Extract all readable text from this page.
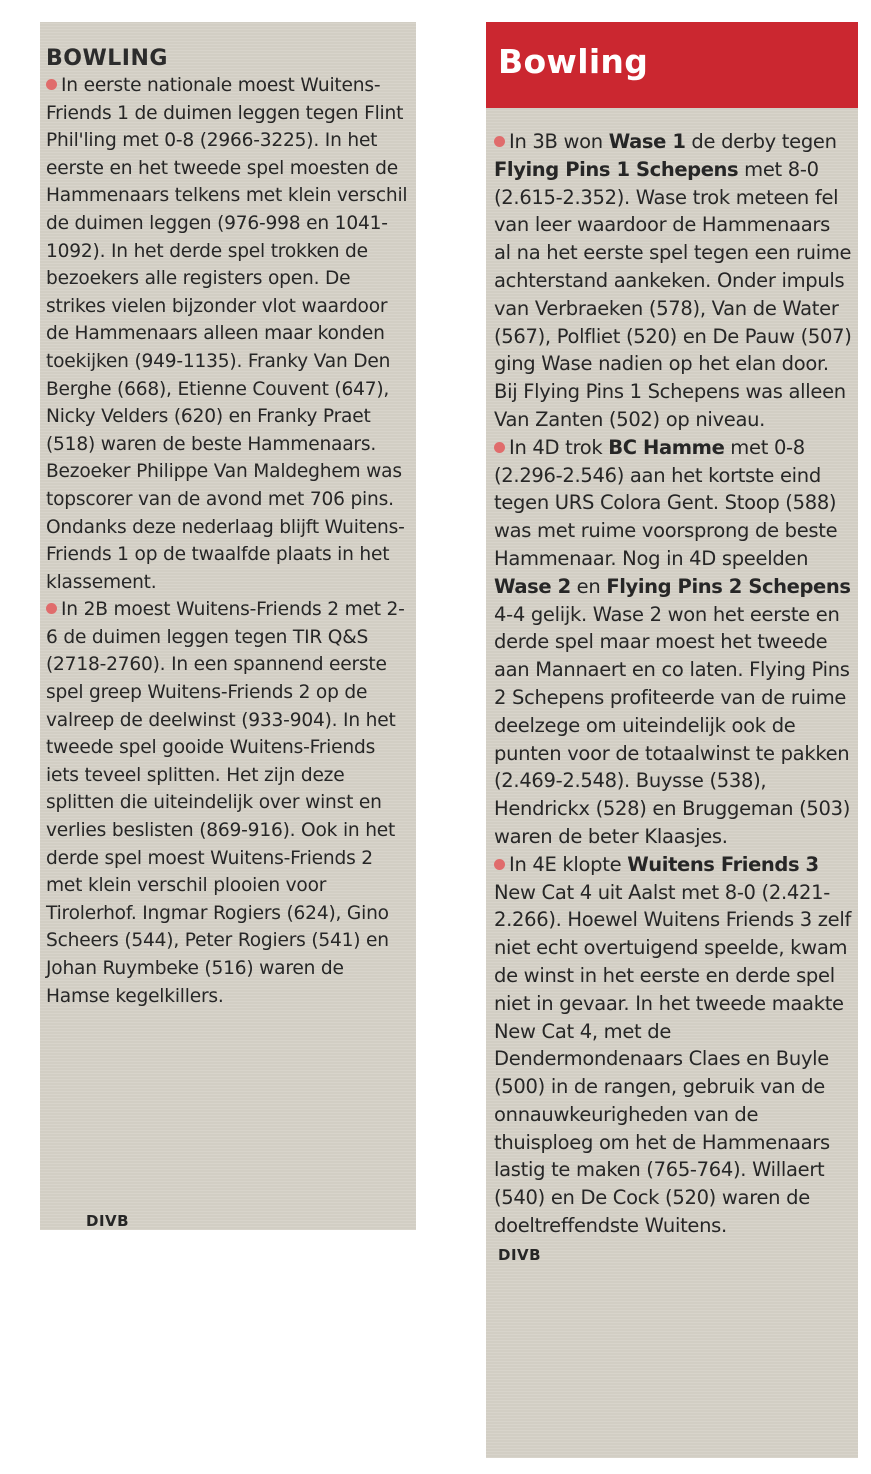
BOWLING

In eerste nationale moest Wuitens-Friends 1 de duimen leggen tegen Flint Phil'ling met 0-8 (2966-3225). In het eerste en het tweede spel moesten de Hammenaars telkens met klein verschil de duimen leggen (976-998 en 1041-1092). In het derde spel trokken de bezoekers alle registers open. De strikes vielen bijzonder vlot waardoor de Hammenaars alleen maar konden toekijken (949-1135). Franky Van Den Berghe (668), Etienne Couvent (647), Nicky Velders (620) en Franky Praet (518) waren de beste Hammenaars. Bezoeker Philippe Van Maldeghem was topscorer van de avond met 706 pins. Ondanks deze nederlaag blijft Wuitens-Friends 1 op de twaalfde plaats in het klassement.

In 2B moest Wuitens-Friends 2 met 2-6 de duimen leggen tegen TIR Q&S (2718-2760). In een spannend eerste spel greep Wuitens-Friends 2 op de valreep de deelwinst (933-904). In het tweede spel gooide Wuitens-Friends iets teveel splitten. Het zijn deze splitten die uiteindelijk over winst en verlies beslisten (869-916). Ook in het derde spel moest Wuitens-Friends 2 met klein verschil plooien voor Tirolerhof. Ingmar Rogiers (624), Gino Scheers (544), Peter Rogiers (541) en Johan Ruymbeke (516) waren de Hamse kegelkillers.

DIVB

Bowling

In 3B won Wase 1 de derby tegen Flying Pins 1 Schepens met 8-0 (2.615-2.352). Wase trok meteen fel van leer waardoor de Hammenaars al na het eerste spel tegen een ruime achterstand aankeken. Onder impuls van Verbraeken (578), Van de Water (567), Polfliet (520) en De Pauw (507) ging Wase nadien op het elan door. Bij Flying Pins 1 Schepens was alleen Van Zanten (502) op niveau.

In 4D trok BC Hamme met 0-8 (2.296-2.546) aan het kortste eind tegen URS Colora Gent. Stoop (588) was met ruime voorsprong de beste Hammenaar. Nog in 4D speelden Wase 2 en Flying Pins 2 Schepens 4-4 gelijk. Wase 2 won het eerste en derde spel maar moest het tweede aan Mannaert en co laten. Flying Pins 2 Schepens profiteerde van de ruime deelzege om uiteindelijk ook de punten voor de totaalwinst te pakken (2.469-2.548). Buysse (538), Hendrickx (528) en Bruggeman (503) waren de beter Klaasjes.

In 4E klopte Wuitens Friends 3 New Cat 4 uit Aalst met 8-0 (2.421-2.266). Hoewel Wuitens Friends 3 zelf niet echt overtuigend speelde, kwam de winst in het eerste en derde spel niet in gevaar. In het tweede maakte New Cat 4, met de Dendermondenaars Claes en Buyle (500) in de rangen, gebruik van de onnauwkeurigheden van de thuisploeg om het de Hammenaars lastig te maken (765-764). Willaert (540) en De Cock (520) waren de doeltreffendste Wuitens.

DIVB
